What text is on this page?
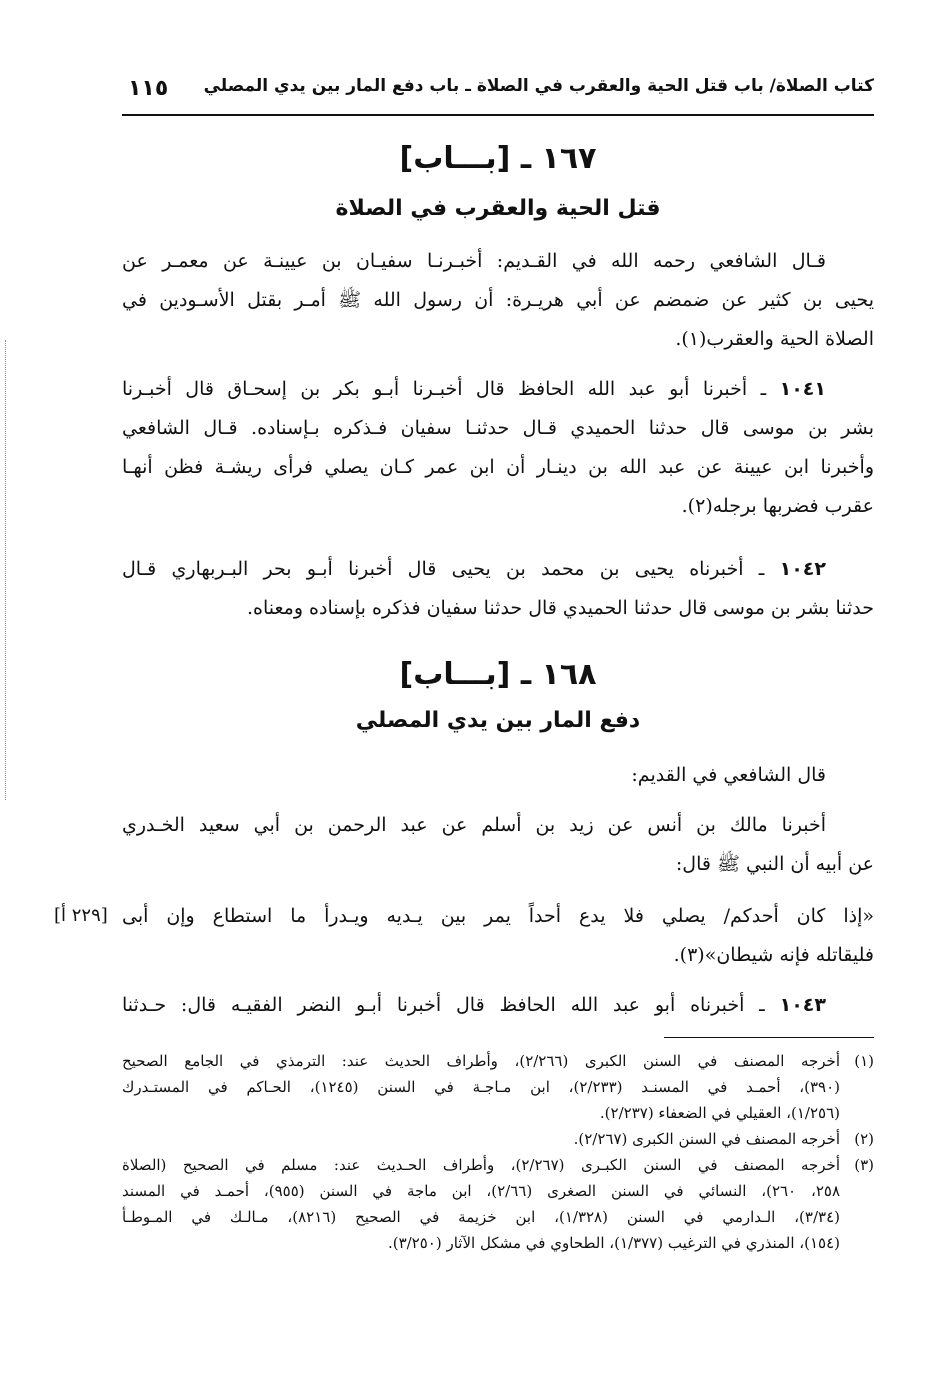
كتاب الصلاة/ باب قتل الحية والعقرب في الصلاة ـ باب دفع المار بين يدي المصلي
١١٥
١٦٧ ـ [بـــاب]
قتل الحية والعقرب في الصلاة
قـال الشافعي رحمه الله في القـديم: أخبـرنـا سفيـان بن عيينـة عن معمـر عن
يحيى بن كثير عن ضمضم عن أبي هريـرة: أن رسول الله ﷺ أمـر بقتل الأسـودين في
الصلاة الحية والعقرب(١).
١٠٤١ ـ أخبرنا أبو عبد الله الحافظ قال أخبـرنا أبـو بكر بن إسحـاق قال أخبـرنا
بشر بن موسى قال حدثنا الحميدي قـال حدثنـا سفيان فـذكره بـإسناده. قـال الشافعي
وأخبرنا ابن عيينة عن عبد الله بن دينـار أن ابن عمر كـان يصلي فرأى ريشـة فظن أنهـا
عقرب فضربها برجله(٢).
١٠٤٢ ـ أخبرناه يحيى بن محمد بن يحيى قال أخبرنا أبـو بحر البـربهاري قـال
حدثنا بشر بن موسى قال حدثنا الحميدي قال حدثنا سفيان فذكره بإسناده ومعناه.
١٦٨ ـ [بـــاب]
دفع المار بين يدي المصلي
قال الشافعي في القديم:
أخبرنا مالك بن أنس عن زيد بن أسلم عن عبد الرحمن بن أبي سعيد الخـدري
عن أبيه أن النبي ﷺ قال:
«إذا كان أحدكم/ يصلي فلا يدع أحداً يمر بين يـديه ويـدرأ ما استطاع وإن أبى
فليقاتله فإنه شيطان»(٣).
[٢٢٩ أ]
١٠٤٣ ـ أخبرناه أبو عبد الله الحافظ قال أخبرنا أبـو النضر الفقيـه قال: حـدثنا
(١)أخرجه المصنف في السنن الكبرى (٢/٢٦٦)، وأطراف الحديث عند: الترمذي في الجامع الصحيح
(٣٩٠)، أحمـد في المسنـد (٢/٢٣٣)، ابن مـاجـة في السنن (١٢٤٥)، الحـاكم في المستـدرك
(١/٢٥٦)، العقيلي في الضعفاء (٢/٢٣٧).
(٢)أخرجه المصنف في السنن الكبرى (٢/٢٦٧).
(٣)أخرجه المصنف في السنن الكبـرى (٢/٢٦٧)، وأطراف الحـديث عند: مسلم في الصحيح (الصلاة
٢٥٨، ٢٦٠)، النسائي في السنن الصغرى (٢/٦٦)، ابن ماجة في السنن (٩٥٥)، أحمـد في المسند
(٣/٣٤)، الـدارمي في السنن (١/٣٢٨)، ابن خزيمة في الصحيح (٨٢١٦)، مـالـك في المـوطـأ
(١٥٤)، المنذري في الترغيب (١/٣٧٧)، الطحاوي في مشكل الآثار (٣/٢٥٠).
